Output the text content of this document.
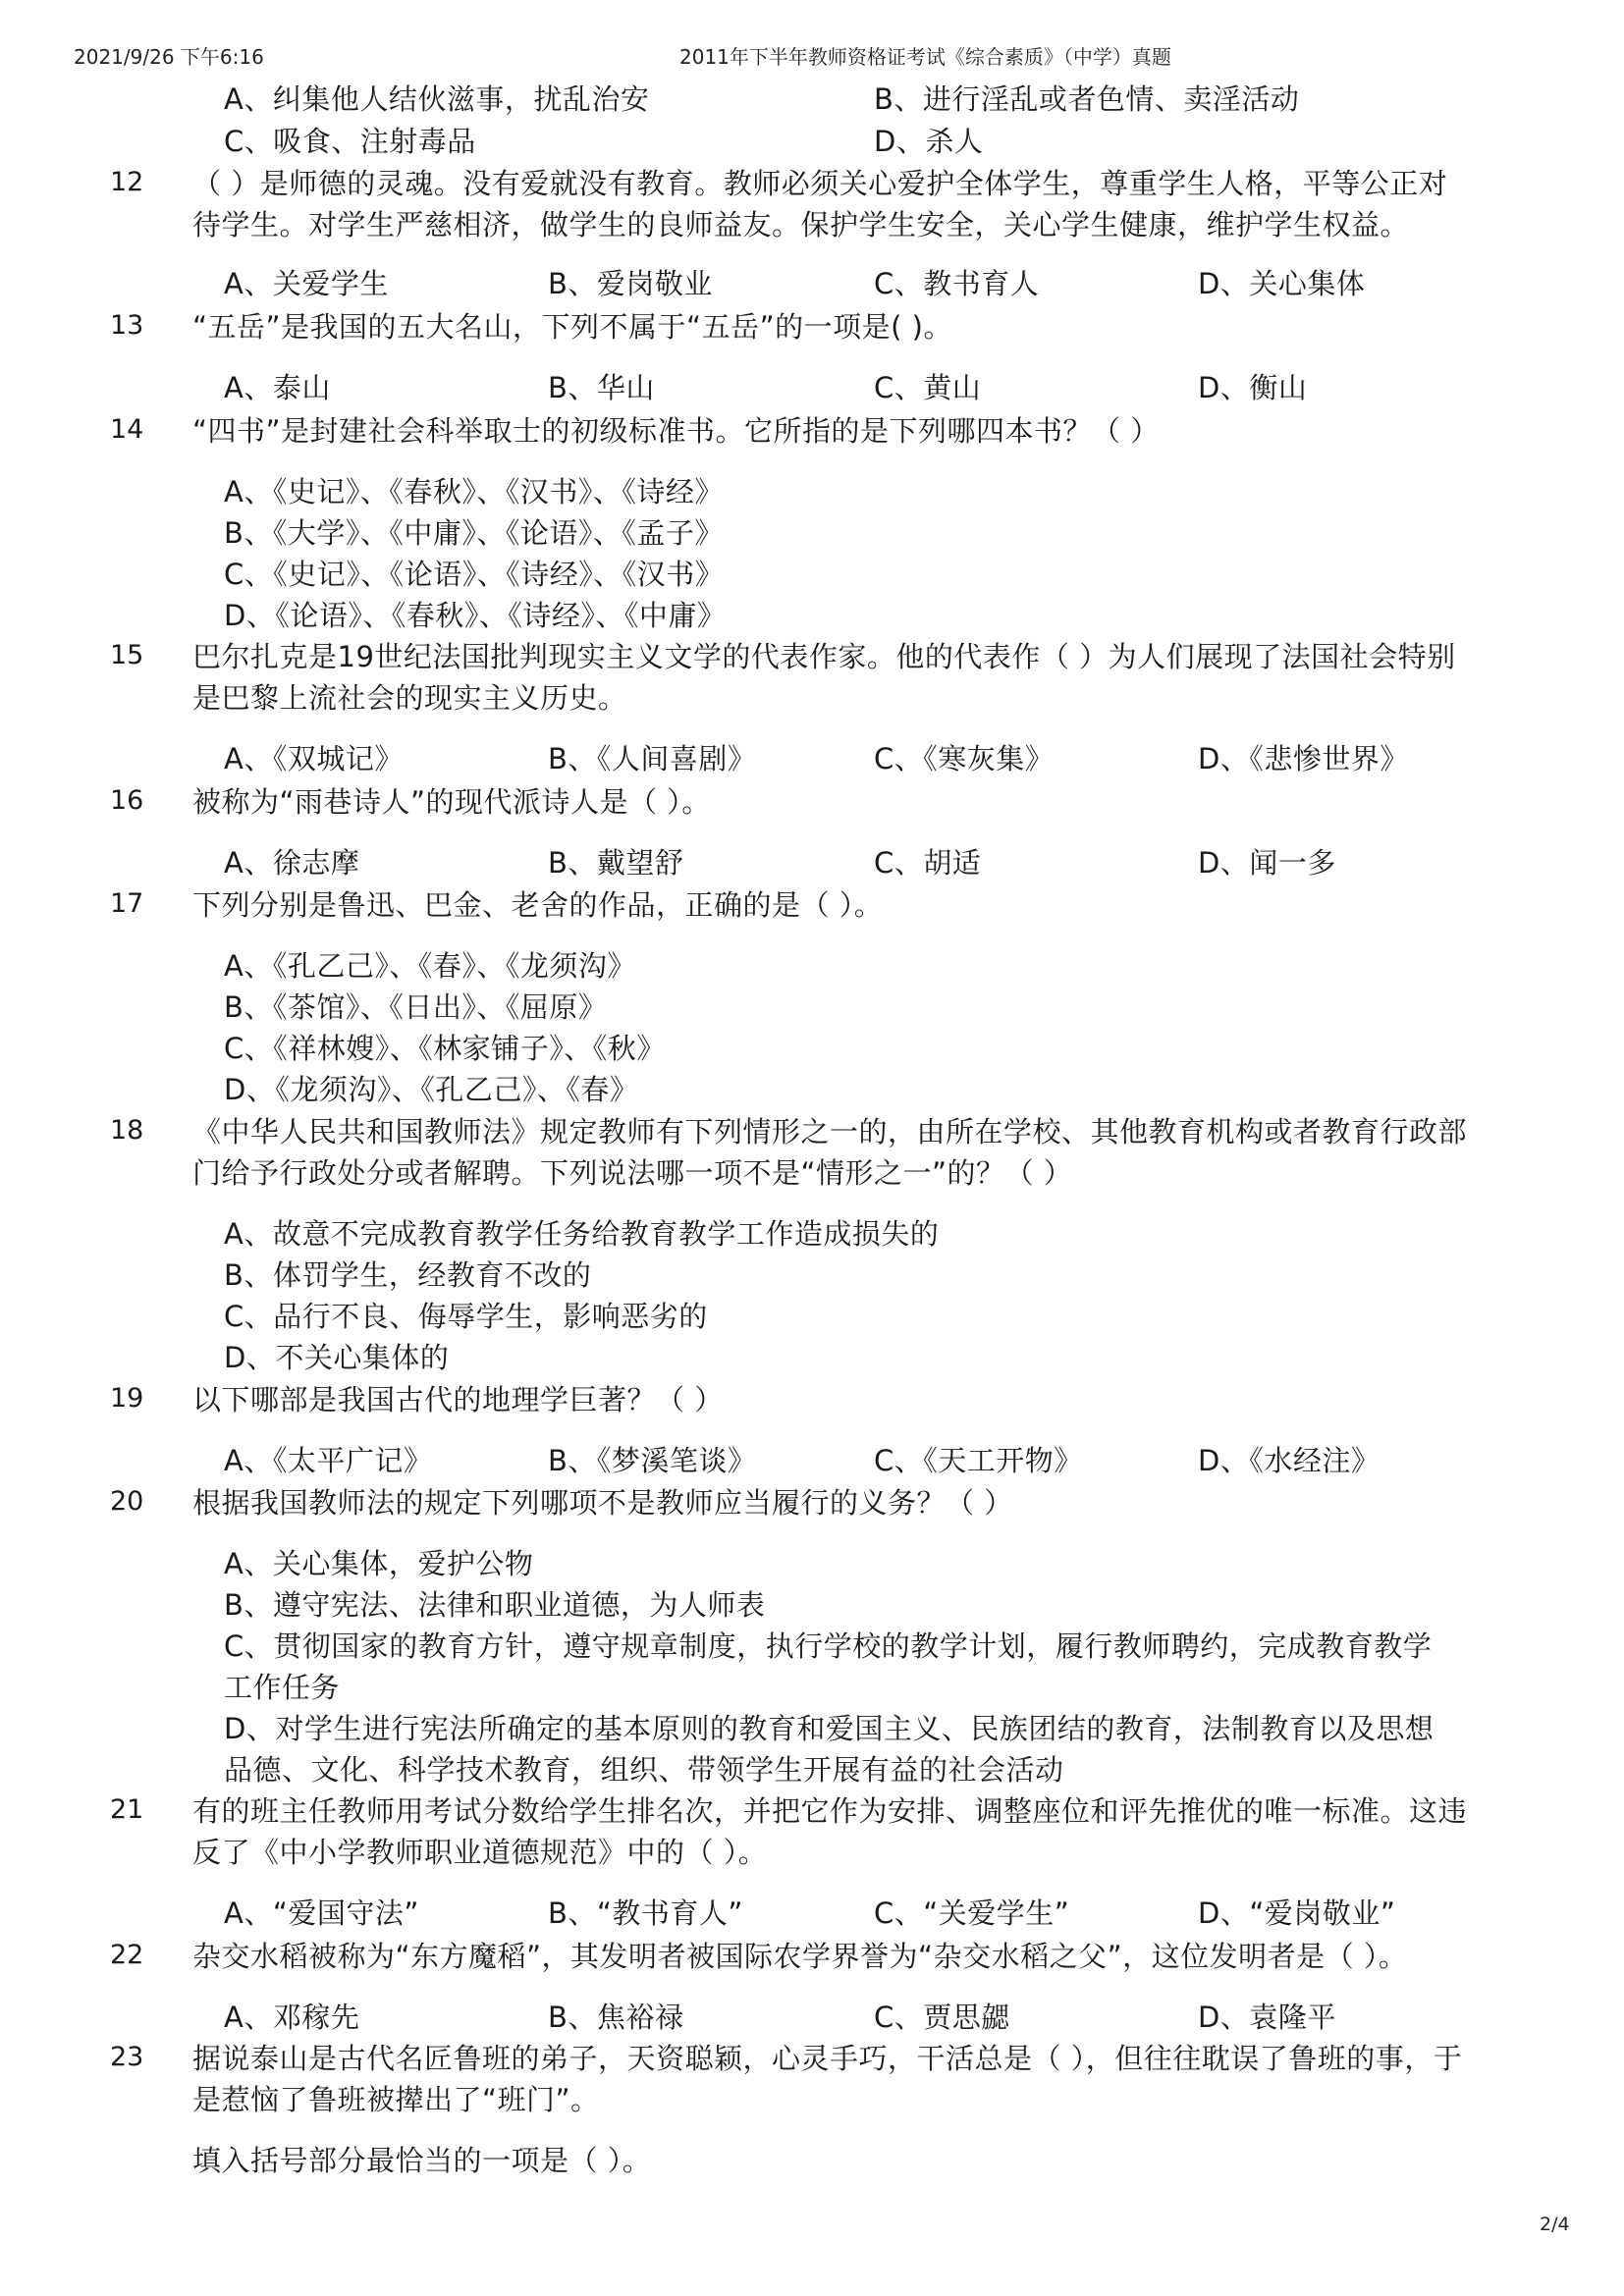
2021/9/26 下午6:16	2011年下半年教师资格证考试《综合素质》（中学）真题
A、纠集他人结伙滋事，扰乱治安	B、进行淫乱或者色情、卖淫活动
C、吸食、注射毒品	D、杀人
12 （ ）是师德的灵魂。没有爱就没有教育。教师必须关心爱护全体学生，尊重学生人格，平等公正对
待学生。对学生严慈相济，做学生的良师益友。保护学生安全，关心学生健康，维护学生权益。
A、关爱学生	B、爱岗敬业	C、教书育人	D、关心集体
13 “五岳”是我国的五大名山，下列不属于“五岳”的一项是( )。
A、泰山	B、华山	C、黄山	D、衡山
14 “四书”是封建社会科举取士的初级标准书。它所指的是下列哪四本书？（ ）
A、《史记》、《春秋》、《汉书》、《诗经》
B、《大学》、《中庸》、《论语》、《孟子》
C、《史记》、《论语》、《诗经》、《汉书》
D、《论语》、《春秋》、《诗经》、《中庸》
15 巴尔扎克是19世纪法国批判现实主义文学的代表作家。他的代表作（ ）为人们展现了法国社会特别
是巴黎上流社会的现实主义历史。
A、《双城记》	B、《人间喜剧》	C、《寒灰集》	D、《悲惨世界》
16 被称为“雨巷诗人”的现代派诗人是（ ）。
A、徐志摩	B、戴望舒	C、胡适	D、闻一多
17 下列分别是鲁迅、巴金、老舍的作品，正确的是（ ）。
A、《孔乙己》、《春》、《龙须沟》
B、《茶馆》、《日出》、《屈原》
C、《祥林嫂》、《林家铺子》、《秋》
D、《龙须沟》、《孔乙己》、《春》
18 《中华人民共和国教师法》规定教师有下列情形之一的，由所在学校、其他教育机构或者教育行政部
门给予行政处分或者解聘。下列说法哪一项不是“情形之一”的？（ ）
A、故意不完成教育教学任务给教育教学工作造成损失的
B、体罚学生，经教育不改的
C、品行不良、侮辱学生，影响恶劣的
D、不关心集体的
19 以下哪部是我国古代的地理学巨著？（ ）
A、《太平广记》	B、《梦溪笔谈》	C、《天工开物》	D、《水经注》
20 根据我国教师法的规定下列哪项不是教师应当履行的义务？（ ）
A、关心集体，爱护公物
B、遵守宪法、法律和职业道德，为人师表
C、贯彻国家的教育方针，遵守规章制度，执行学校的教学计划，履行教师聘约，完成教育教学
工作任务
D、对学生进行宪法所确定的基本原则的教育和爱国主义、民族团结的教育，法制教育以及思想
品德、文化、科学技术教育，组织、带领学生开展有益的社会活动
21 有的班主任教师用考试分数给学生排名次，并把它作为安排、调整座位和评先推优的唯一标准。这违
反了《中小学教师职业道德规范》中的（ ）。
A、“爱国守法”	B、“教书育人”	C、“关爱学生”	D、“爱岗敬业”
22 杂交水稻被称为“东方魔稻”，其发明者被国际农学界誉为“杂交水稻之父”，这位发明者是（ ）。
A、邓稼先	B、焦裕禄	C、贾思勰	D、袁隆平
23 据说泰山是古代名匠鲁班的弟子，天资聪颖，心灵手巧，干活总是（ ），但往往耽误了鲁班的事，于
是惹恼了鲁班被撵出了“班门”。
填入括号部分最恰当的一项是（ ）。
2/4
